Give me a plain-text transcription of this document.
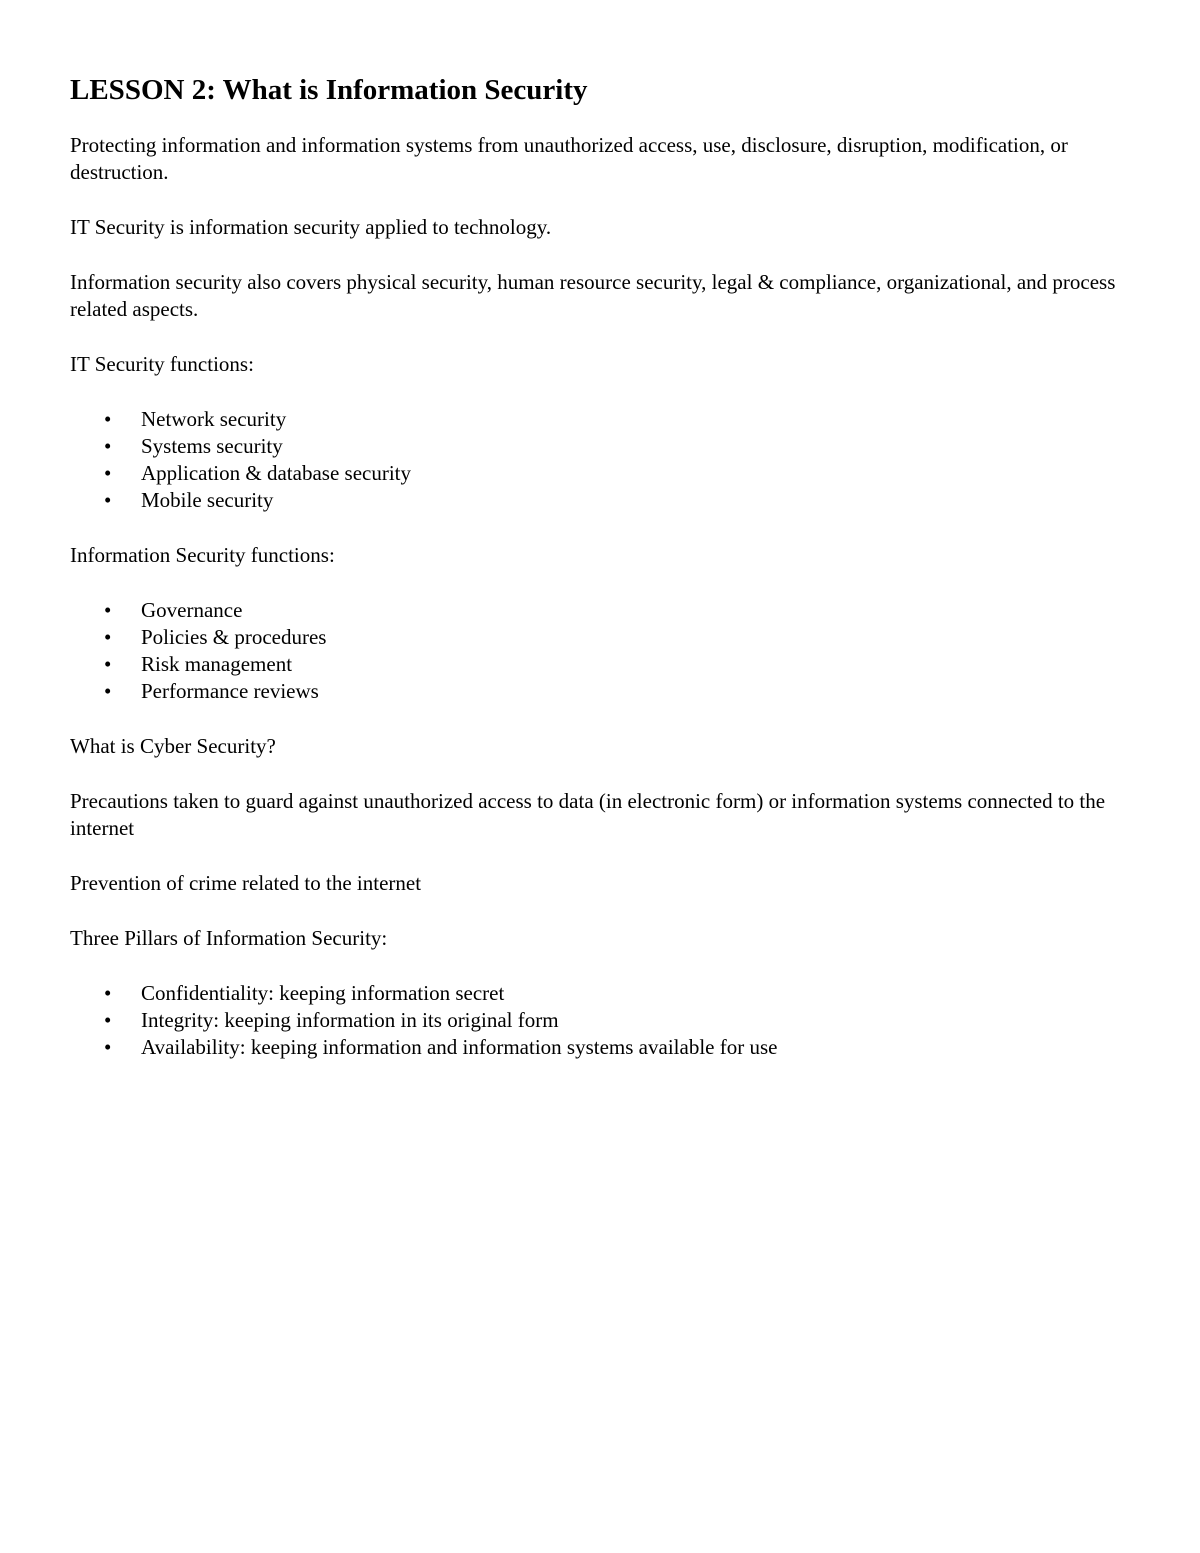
LESSON 2: What is Information Security

Protecting information and information systems from unauthorized access, use, disclosure, disruption, modification, or destruction.

IT Security is information security applied to technology.

Information security also covers physical security, human resource security, legal & compliance, organizational, and process related aspects.

IT Security functions:

• Network security
• Systems security
• Application & database security
• Mobile security

Information Security functions:

• Governance
• Policies & procedures
• Risk management
• Performance reviews

What is Cyber Security?

Precautions taken to guard against unauthorized access to data (in electronic form) or information systems connected to the internet

Prevention of crime related to the internet

Three Pillars of Information Security:

• Confidentiality: keeping information secret
• Integrity: keeping information in its original form
• Availability: keeping information and information systems available for use
